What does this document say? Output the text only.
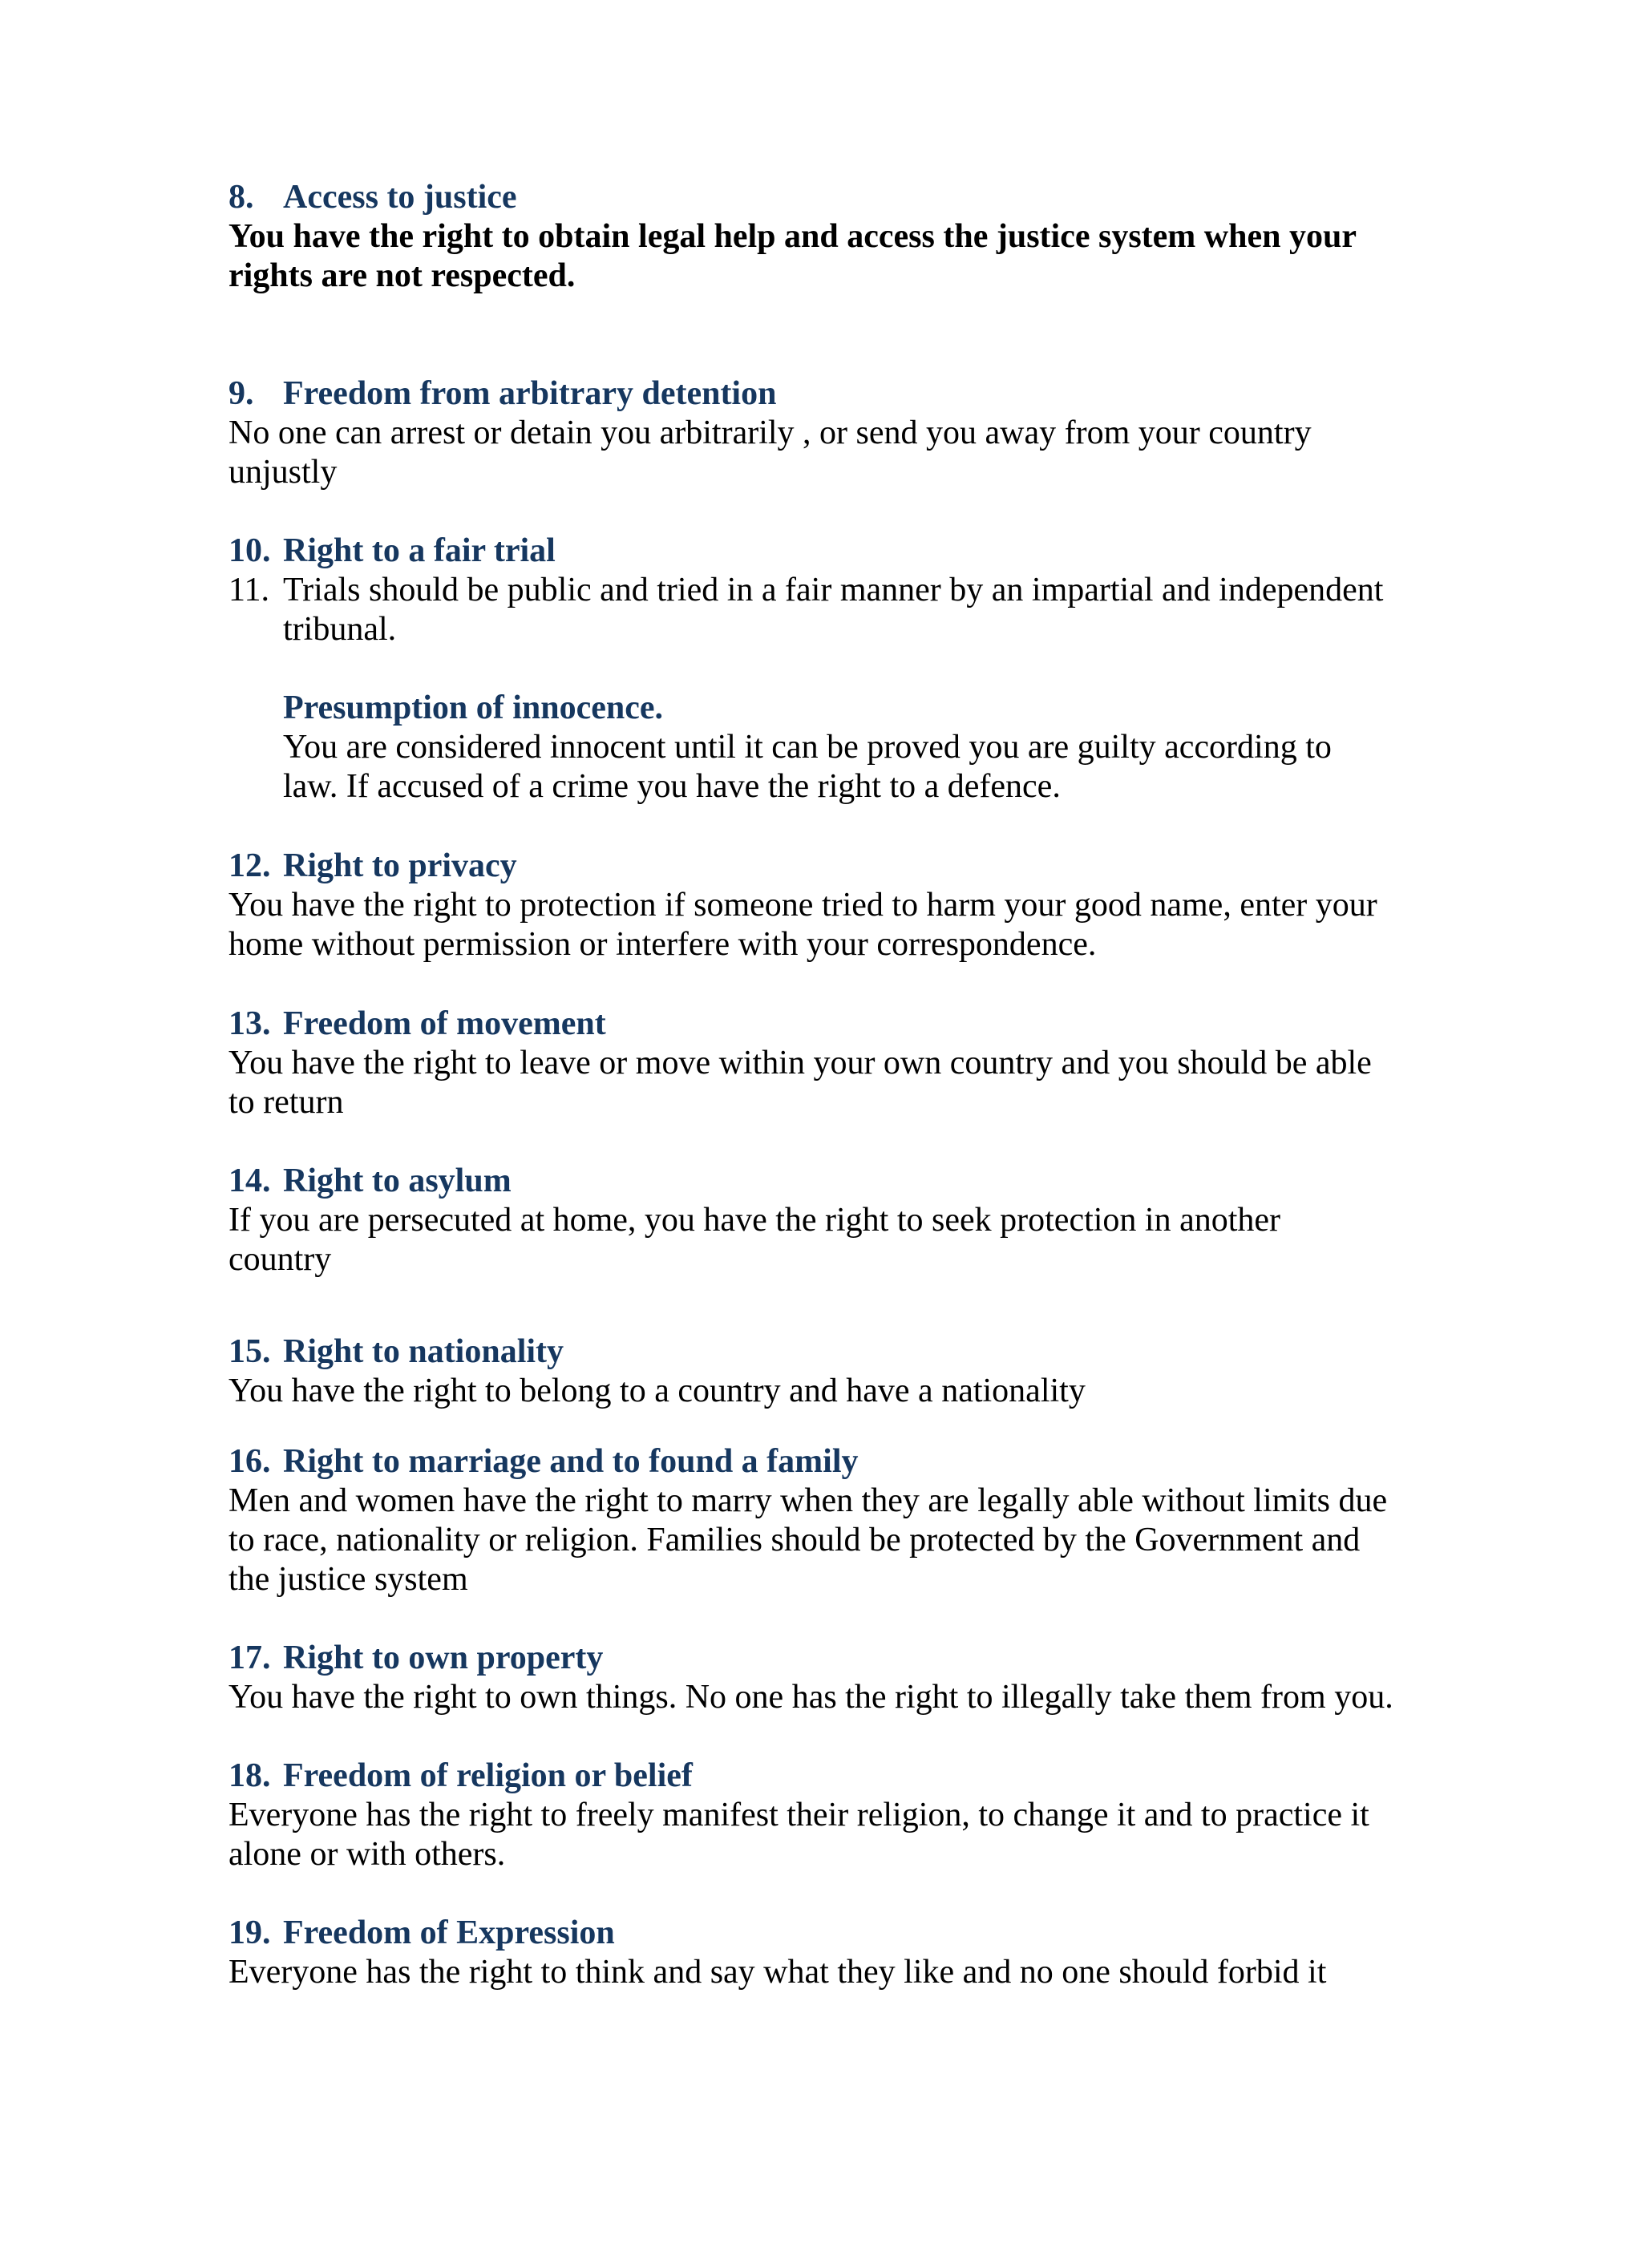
8. Access to justice
You have the right to obtain legal help and access the justice system when your
rights are not respected.
9. Freedom from arbitrary detention
No one can arrest or detain you arbitrarily , or send you away from your country
unjustly
10. Right to a fair trial
11. Trials should be public and tried in a fair manner by an impartial and independent
tribunal.
Presumption of innocence.
You are considered innocent until it can be proved you are guilty according to
law. If accused of a crime you have the right to a defence.
12. Right to privacy
You have the right to protection if someone tried to harm your good name, enter your
home without permission or interfere with your correspondence.
13. Freedom of movement
You have the right to leave or move within your own country and you should be able
to return
14. Right to asylum
If you are persecuted at home, you have the right to seek protection in another
country
15. Right to nationality
You have the right to belong to a country and have a nationality
16. Right to marriage and to found a family
Men and women have the right to marry when they are legally able without limits due
to race, nationality or religion. Families should be protected by the Government and
the justice system
17. Right to own property
You have the right to own things. No one has the right to illegally take them from you.
18. Freedom of religion or belief
Everyone has the right to freely manifest their religion, to change it and to practice it
alone or with others.
19. Freedom of Expression
Everyone has the right to think and say what they like and no one should forbid it
